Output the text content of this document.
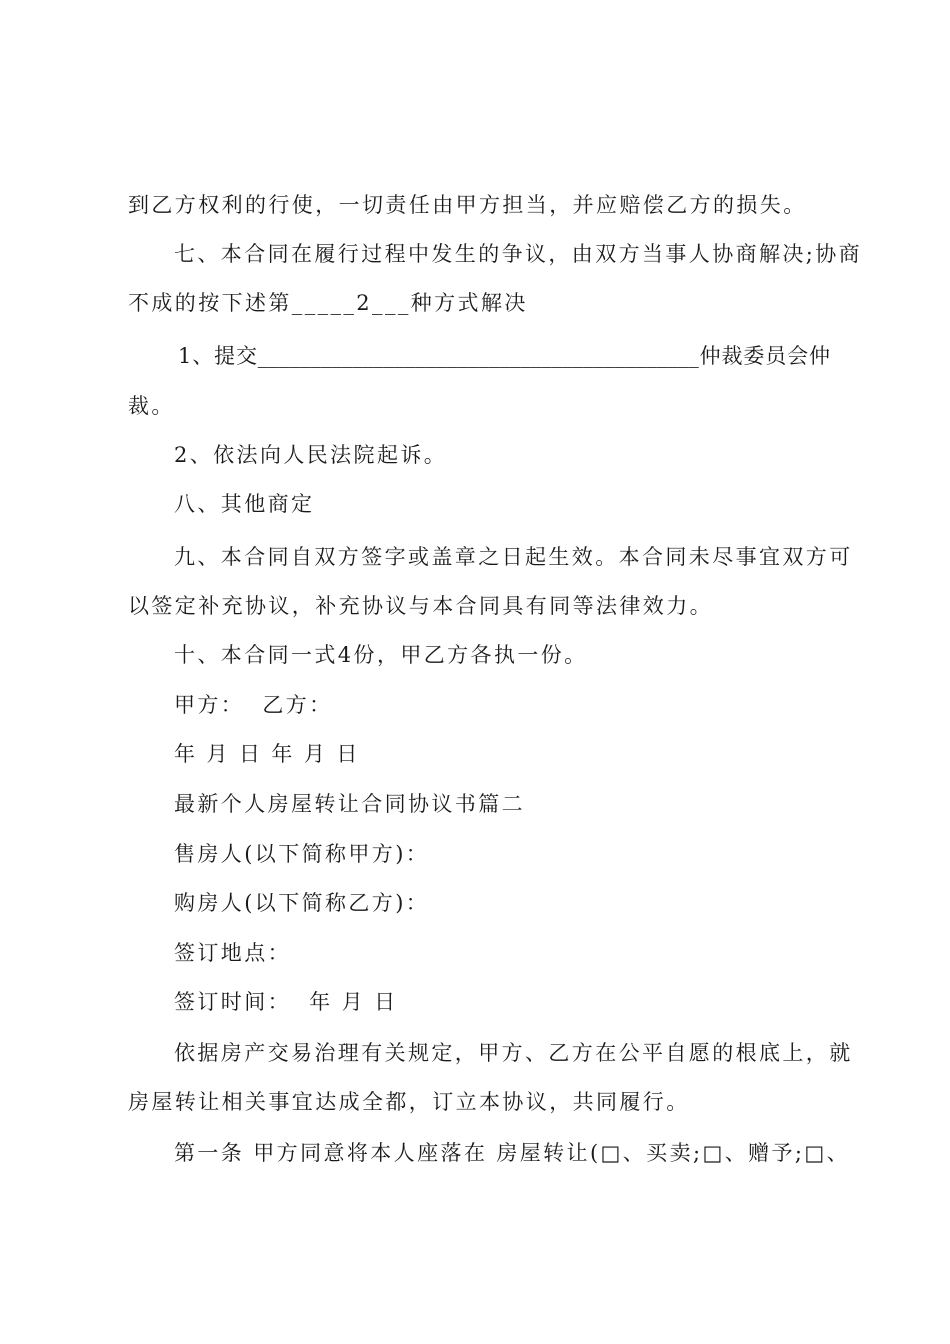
到乙方权利的行使，一切责任由甲方担当，并应赔偿乙方的损失。
七、本合同在履行过程中发生的争议，由双方当事人协商解决;协商
不成的按下述第_____2___种方式解决
1、提交__________________________________________仲裁委员会仲
裁。
2、依法向人民法院起诉。
八、其他商定
九、本合同自双方签字或盖章之日起生效。本合同未尽事宜双方可
以签定补充协议，补充协议与本合同具有同等法律效力。
十、本合同一式4份，甲乙方各执一份。
甲方：  乙方：
年 月 日 年 月 日
最新个人房屋转让合同协议书篇二
售房人(以下简称甲方)：
购房人(以下简称乙方)：
签订地点：
签订时间：  年 月 日
依据房产交易治理有关规定，甲方、乙方在公平自愿的根底上，就
房屋转让相关事宜达成全都，订立本协议，共同履行。
第一条 甲方同意将本人座落在 房屋转让(□、买卖;□、赠予;□、
